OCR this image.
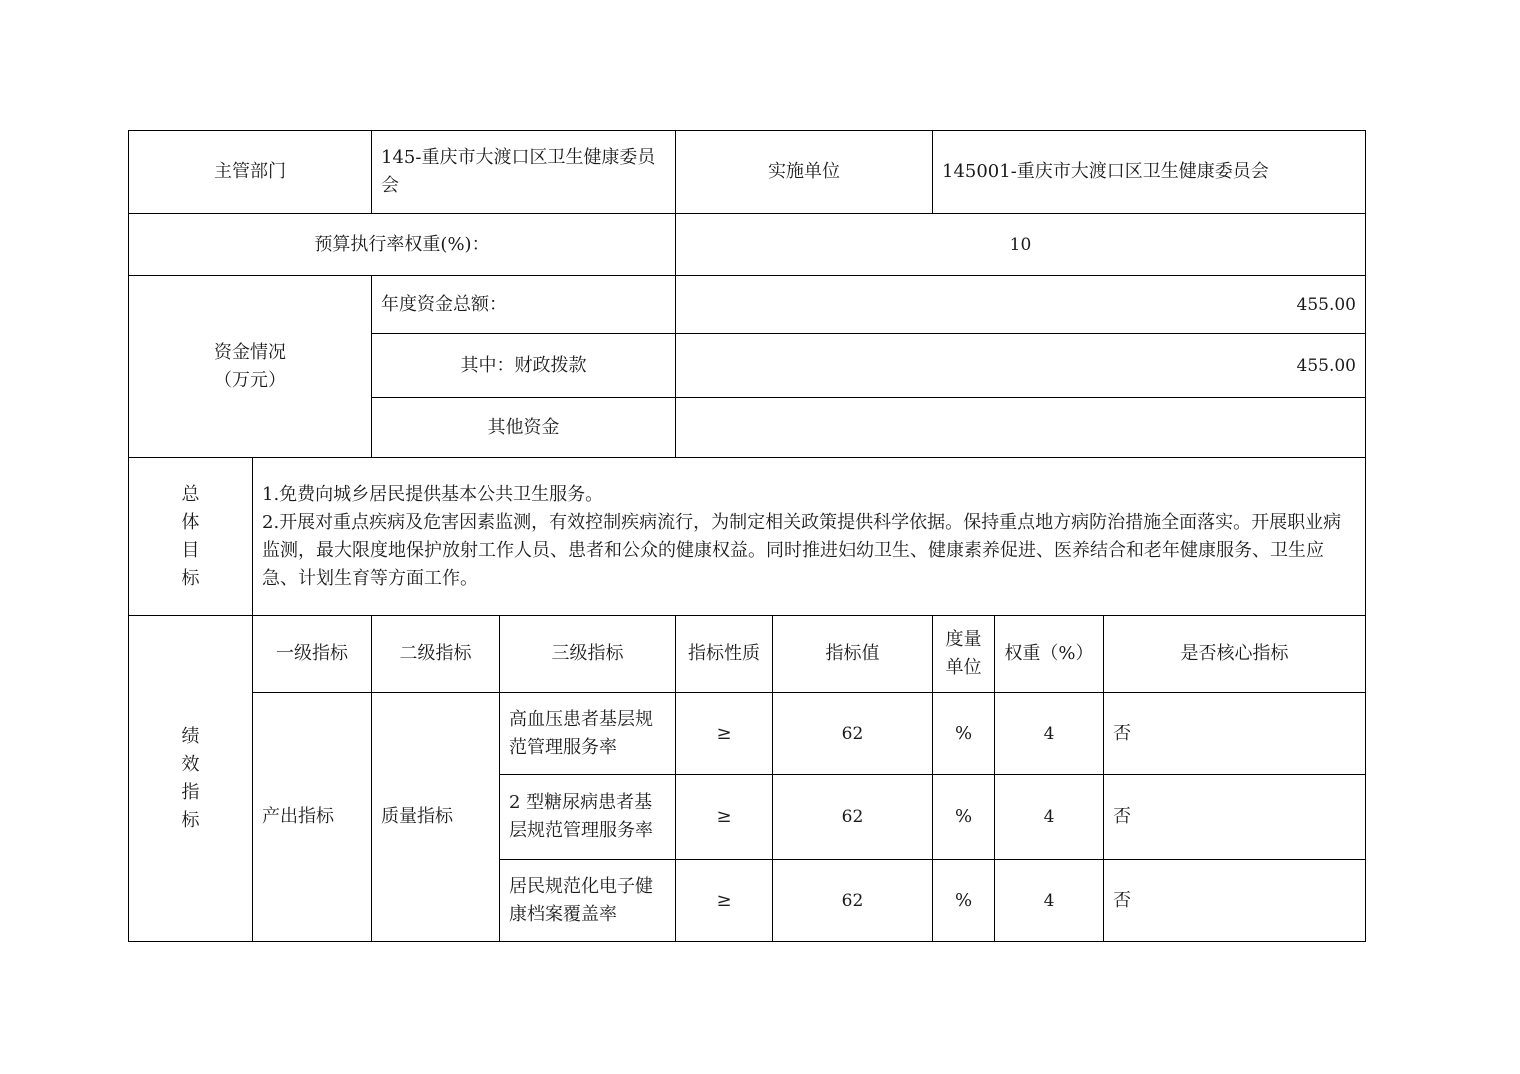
主管部门		145-重庆市大渡口区卫生健康委员会		实施单位		145001-重庆市大渡口区卫生健康委员会		
预算执行率权重(%)：				10				

资金情况
（万元）		年度资金总额：		455.00				
		其中：财政拨款		455.00				
		其他资金						
总体目标	1.免费向城乡居民提供基本公共卫生服务。
2.开展对重点疾病及危害因素监测，有效控制疾病流行，为制定相关政策提供科学依据。保持重点地方病防治措施全面落实。开展职业病监测，最大限度地保护放射工作人员、患者和公众的健康权益。同时推进妇幼卫生、健康素养促进、医养结合和老年健康服务、卫生应急、计划生育等方面工作。							
绩效指标	一级指标	二级指标	三级指标	指标性质	指标值	度量单位	权重（%）	是否核心指标
	产出指标	质量指标	高血压患者基层规范管理服务率	≥	62	%	4	否
			2 型糖尿病患者基层规范管理服务率	≥	62	%	4	否
			居民规范化电子健康档案覆盖率	≥	62	%	4	否
